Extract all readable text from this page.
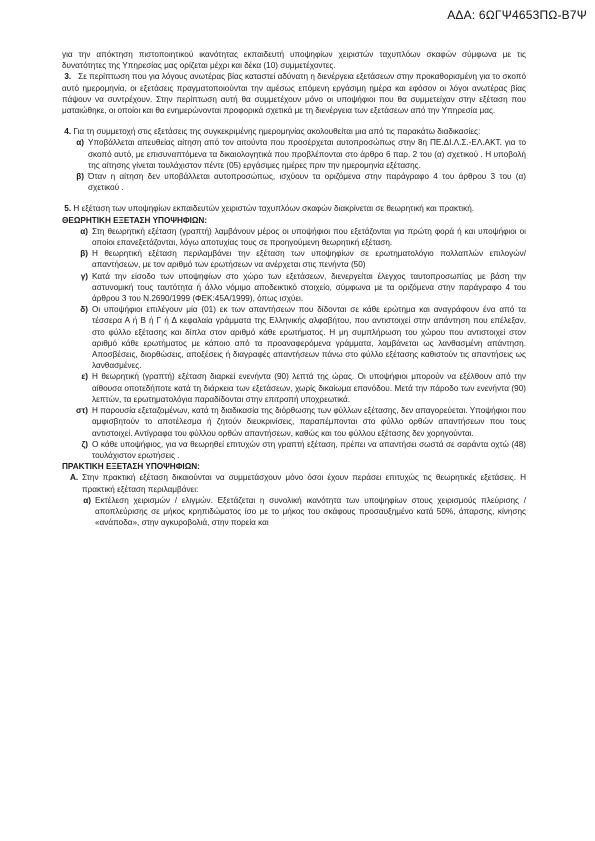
ΑΔΑ: 6ΩΓΨ4653ΠΩ-Β7Ψ

για την απόκτηση πιστοποιητικού ικανότητας εκπαιδευτή υποψηφίων χειριστών ταχυπλόων σκαφών σύμφωνα με τις δυνατότητες της Υπηρεσίας μας ορίζεται μέχρι και δέκα (10) συμμετέχοντες.

3. Σε περίπτωση που για λόγους ανωτέρας βίας καταστεί αδύνατη η διενέργεια εξετάσεων στην προκαθορισμένη για το σκοπό αυτό ημερομηνία, οι εξετάσεις πραγματοποιούνται την αμέσως επόμενη εργάσιμη ημέρα και εφόσον οι λόγοι ανωτέρας βίας πάψουν να συντρέχουν. Στην περίπτωση αυτή θα συμμετέχουν μόνο οι υποψήφιοι που θα συμμετείχαν στην εξέταση που ματαιώθηκε, οι οποίοι και θα ενημερώνονται προφορικά σχετικά με τη διενέργεια των εξετάσεων από την Υπηρεσία μας.

4. Για τη συμμετοχή στις εξετάσεις της συγκεκριμένης ημερομηνίας ακολουθείται μια από τις παρακάτω διαδικασίες:

α) Υποβάλλεται απευθείας αίτηση από τον αιτούντα που προσέρχεται αυτοπροσώπως στην 8η ΠΕ.ΔΙ.Λ.Σ.-ΕΛ.ΑΚΤ. για το σκοπό αυτό, με επισυναπτόμενα τα δικαιολογητικά που προβλέπονται στο άρθρο 6 παρ. 2 του (α) σχετικού . Η υποβολή της αίτησης γίνεται τουλάχιστον πέντε (05) εργάσιμες ημέρες πριν την ημερομηνία εξέτασης.
β) Όταν η αίτηση δεν υποβάλλεται αυτοπροσώπως, ισχύουν τα οριζόμενα στην παράγραφο 4 του άρθρου 3 του (α) σχετικού .

5. Η εξέταση των υποψηφίων εκπαιδευτών χειριστών ταχυπλόων σκαφών διακρίνεται σε θεωρητική και πρακτική.

ΘΕΩΡΗΤΙΚΗ ΕΞΕΤΑΣΗ ΥΠΟΨΗΦΙΩΝ:

α) Στη θεωρητική εξέταση (γραπτή) λαμβάνουν μέρος οι υποψήφιοι που εξετάζονται για πρώτη φορά ή και υποψήφιοι οι οποίοι επανεξετάζονται, λόγω αποτυχίας τους σε προηγούμενη θεωρητική εξέταση.
β) Η θεωρητική εξέταση περιλαμβάνει την εξέταση των υποψηφίων σε ερωτηματολόγιο πολλαπλών επιλογών/απαντήσεων, με τον αριθμό των ερωτήσεων να ανέρχεται στις πενήντα (50)
γ) Κατά την είσοδο των υποψηφίων στο χώρο των εξετάσεων, διενεργείται έλεγχος ταυτοπροσωπίας με βάση την αστυνομική τους ταυτότητα ή άλλο νόμιμο αποδεικτικό στοιχείο, σύμφωνα με τα οριζόμενα στην παράγραφο 4 του άρθρου 3 του Ν.2690/1999 (ΦΕΚ:45Α/1999), όπως ισχύει.
δ) Οι υποψήφιοι επιλέγουν μία (01) εκ των απαντήσεων που δίδονται σε κάθε ερώτημα και αναγράφουν ένα από τα τέσσερα Α ή Β ή Γ ή Δ κεφαλαία γράμματα της Ελληνικής αλφαβήτου, που αντιστοιχεί στην απάντηση που επέλεξαν, στο φύλλο εξέτασης και δίπλα στον αριθμό κάθε ερωτήματος. Η μη συμπλήρωση του χώρου που αντιστοιχεί στον αριθμό κάθε ερωτήματος με κάποιο από τα προαναφερόμενα γράμματα, λαμβάνεται ως λανθασμένη απάντηση. Αποσβέσεις, διορθώσεις, αποξέσεις ή διαγραφές απαντήσεων πάνω στο φύλλο εξέτασης καθιστούν τις απαντήσεις ως λανθασμένες.
ε) Η θεωρητική (γραπτή) εξέταση διαρκεί ενενήντα (90) λεπτά της ώρας. Οι υποψήφιοι μπορούν να εξέλθουν από την αίθουσα οποτεδήποτε κατά τη διάρκεια των εξετάσεων, χωρίς δικαίωμα επανόδου. Μετά την πάροδο των ενενήντα (90) λεπτών, τα ερωτηματολόγια παραδίδονται στην επιτροπή υποχρεωτικά.
στ) Η παρουσία εξεταζομένων, κατά τη διαδικασία της διόρθωσης των φύλλων εξέτασης, δεν απαγορεύεται. Υποψήφιοι που αμφισβητούν το αποτέλεσμα ή ζητούν διευκρινίσεις, παραπέμπονται στο φύλλο ορθών απαντήσεων που τους αντιστοιχεί. Αντίγραφα του φύλλου ορθών απαντήσεων, καθώς και του φύλλου εξέτασης δεν χορηγούνται.
ζ) Ο κάθε υποψήφιος, για να θεωρηθεί επιτυχών στη γραπτή εξέταση, πρέπει να απαντήσει σωστά σε σαράντα οχτώ (48) τουλάχιστον ερωτήσεις .

ΠΡΑΚΤΙΚΗ ΕΞΕΤΑΣΗ ΥΠΟΨΗΦΙΩΝ:

Α. Στην πρακτική εξέταση δικαιούνται να συμμετάσχουν μόνο όσοι έχουν περάσει επιτυχώς τις θεωρητικές εξετάσεις. Η πρακτική εξέταση περιλαμβάνει:
α) Εκτέλεση χειρισμών / ελιγμών. Εξετάζεται η συνολική ικανότητα των υποψηφίων στους χειρισμούς πλεύρισης / αποπλεύρισης σε μήκος κρηπιδώματος ίσο με το μήκος του σκάφους προσαυξημένο κατά 50%, άπαρσης, κίνησης «ανάποδα», στην αγκυροβολιά, στην πορεία και
